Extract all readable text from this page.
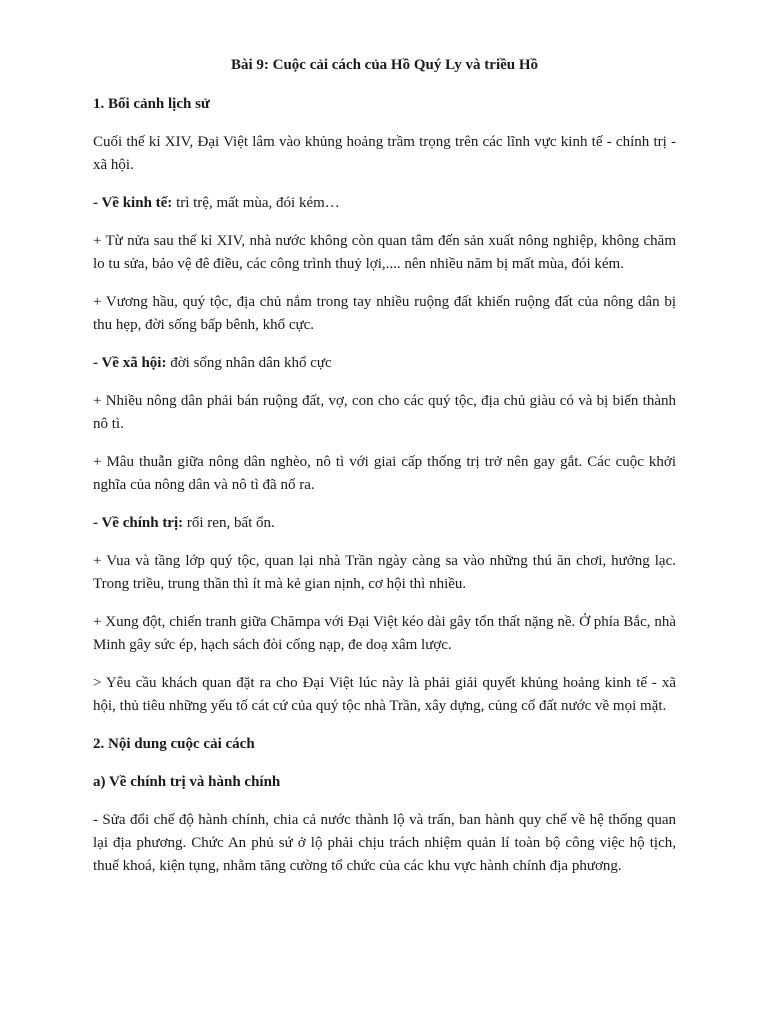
Bài 9: Cuộc cải cách của Hồ Quý Ly và triều Hồ
1. Bối cảnh lịch sử
Cuối thế kỉ XIV, Đại Việt lâm vào khủng hoảng trầm trọng trên các lĩnh vực kinh tế - chính trị - xã hội.
- Về kinh tế: trì trệ, mất mùa, đói kém…
+ Từ nửa sau thế kỉ XIV, nhà nước không còn quan tâm đến sản xuất nông nghiệp, không chăm lo tu sửa, bảo vệ đê điều, các công trình thuỷ lợi,.... nên nhiều năm bị mất mùa, đói kém.
+ Vương hầu, quý tộc, địa chủ nắm trong tay nhiều ruộng đất khiến ruộng đất của nông dân bị thu hẹp, đời sống bấp bênh, khổ cực.
- Về xã hội: đời sống nhân dân khổ cực
+ Nhiều nông dân phải bán ruộng đất, vợ, con cho các quý tộc, địa chủ giàu có và bị biến thành nô tì.
+ Mâu thuẫn giữa nông dân nghèo, nô tì với giai cấp thống trị trở nên gay gắt. Các cuộc khởi nghĩa của nông dân và nô tì đã nổ ra.
- Về chính trị: rối ren, bất ổn.
+ Vua và tầng lớp quý tộc, quan lại nhà Trần ngày càng sa vào những thú ăn chơi, hưởng lạc. Trong triều, trung thần thì ít mà kẻ gian nịnh, cơ hội thì nhiều.
+ Xung đột, chiến tranh giữa Chămpa với Đại Việt kéo dài gây tổn thất nặng nề. Ở phía Bắc, nhà Minh gây sức ép, hạch sách đòi cống nạp, đe doạ xâm lược.
> Yêu cầu khách quan đặt ra cho Đại Việt lúc này là phải giải quyết khủng hoảng kinh tế - xã hội, thủ tiêu những yếu tố cát cứ của quý tộc nhà Trần, xây dựng, củng cố đất nước về mọi mặt.
2. Nội dung cuộc cải cách
a) Về chính trị và hành chính
- Sửa đổi chế độ hành chính, chia cả nước thành lộ và trấn, ban hành quy chế về hệ thống quan lại địa phương. Chức An phủ sứ ở lộ phải chịu trách nhiệm quản lí toàn bộ công việc hộ tịch, thuế khoá, kiện tụng, nhằm tăng cường tổ chức của các khu vực hành chính địa phương.
